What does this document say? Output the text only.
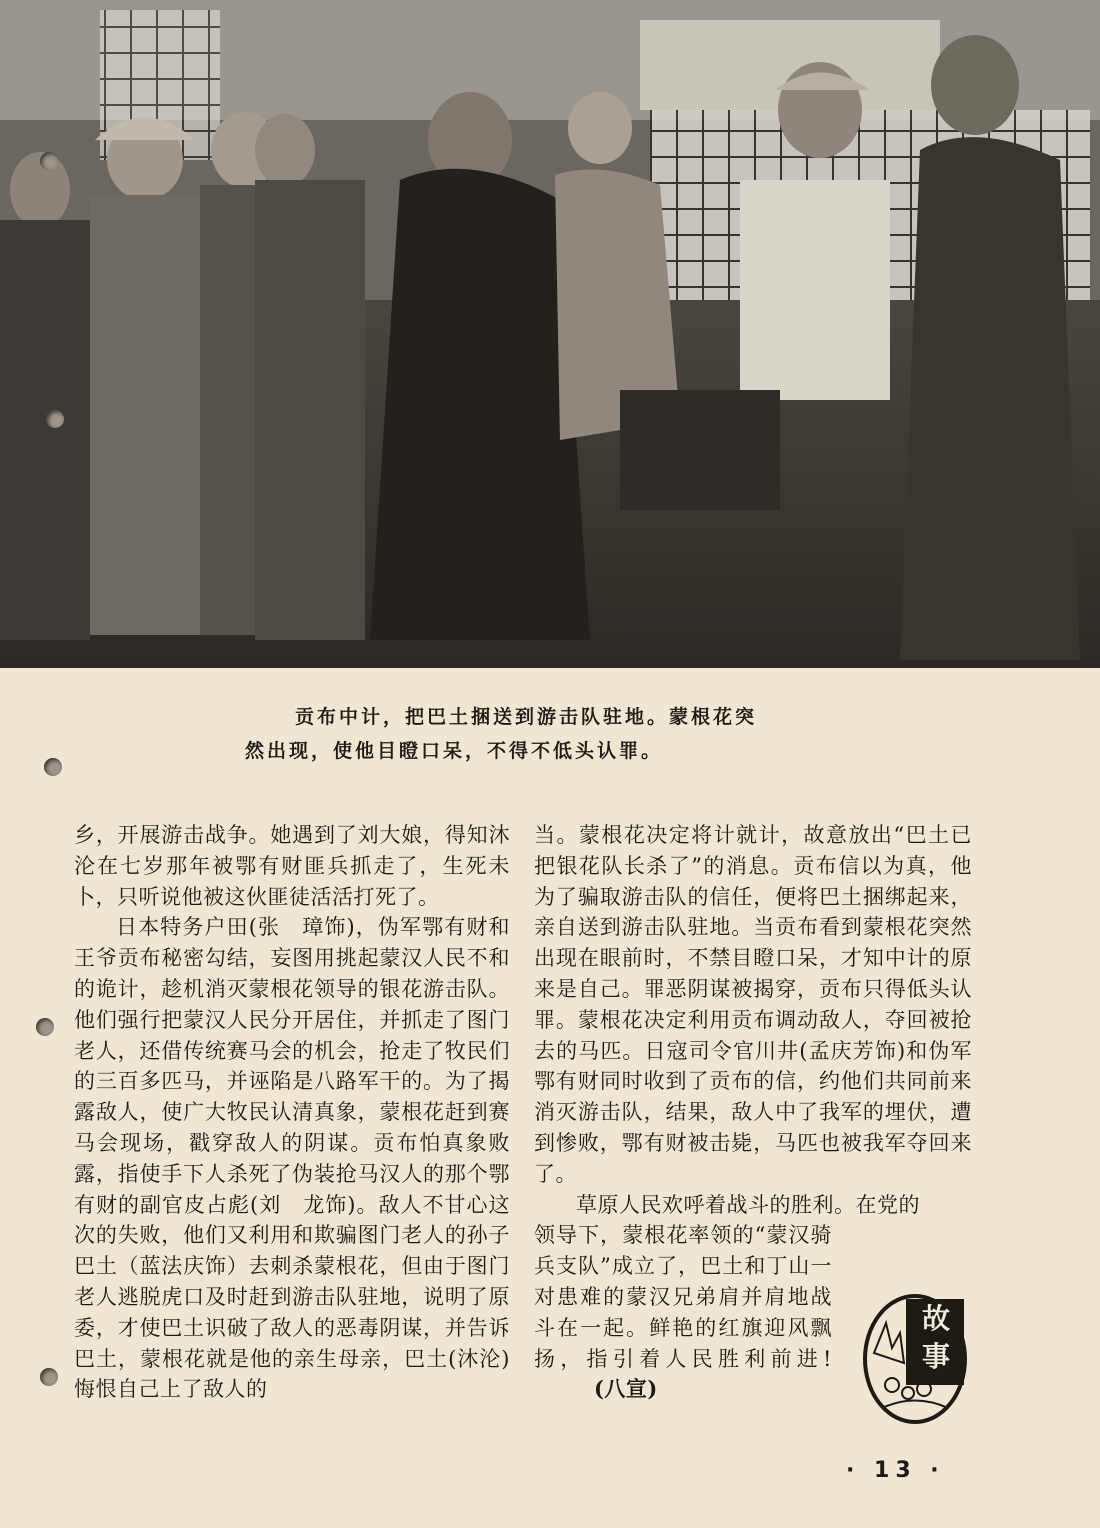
贡布中计，把巴土捆送到游击队驻地。蒙根花突

然出现，使他目瞪口呆，不得不低头认罪。

乡，开展游击战争。她遇到了刘大娘，得知沐沦在七岁那年被鄂有财匪兵抓走了，生死未卜，只听说他被这伙匪徒活活打死了。

日本特务户田(张　璋饰)，伪军鄂有财和王爷贡布秘密勾结，妄图用挑起蒙汉人民不和的诡计，趁机消灭蒙根花领导的银花游击队。他们强行把蒙汉人民分开居住，并抓走了图门老人，还借传统赛马会的机会，抢走了牧民们的三百多匹马，并诬陷是八路军干的。为了揭露敌人，使广大牧民认清真象，蒙根花赶到赛马会现场，戳穿敌人的阴谋。贡布怕真象败露，指使手下人杀死了伪装抢马汉人的那个鄂有财的副官皮占彪(刘　龙饰)。敌人不甘心这次的失败，他们又利用和欺骗图门老人的孙子巴土（蓝法庆饰）去刺杀蒙根花，但由于图门老人逃脱虎口及时赶到游击队驻地，说明了原委，才使巴土识破了敌人的恶毒阴谋，并告诉巴土，蒙根花就是他的亲生母亲，巴土(沐沦)悔恨自己上了敌人的

当。蒙根花决定将计就计，故意放出“巴土已把银花队长杀了”的消息。贡布信以为真，他为了骗取游击队的信任，便将巴土捆绑起来，亲自送到游击队驻地。当贡布看到蒙根花突然出现在眼前时，不禁目瞪口呆，才知中计的原来是自己。罪恶阴谋被揭穿，贡布只得低头认罪。蒙根花决定利用贡布调动敌人，夺回被抢去的马匹。日寇司令官川井(孟庆芳饰)和伪军鄂有财同时收到了贡布的信，约他们共同前来消灭游击队，结果，敌人中了我军的埋伏，遭到惨败，鄂有财被击毙，马匹也被我军夺回来了。

草原人民欢呼着战斗的胜利。在党的

领导下，蒙根花率领的“蒙汉骑兵支队”成立了，巴土和丁山一对患难的蒙汉兄弟肩并肩地战斗在一起。鲜艳的红旗迎风飘扬，指引着人民胜利前进!(八宣)

故
事
· 13 ·
